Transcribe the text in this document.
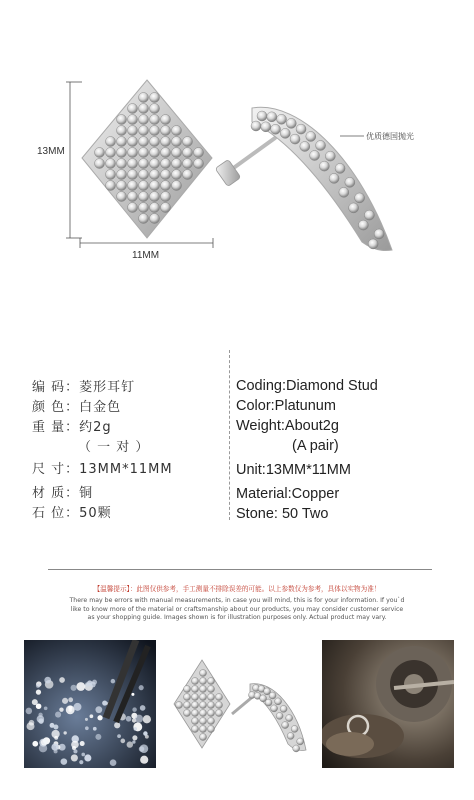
13MM
11MM
优质德国抛光
编 码：菱形耳钉
颜 色：白金色
重 量：约2g
（ 一 对 ）
尺 寸：13MM*11MM
材 质：铜
石 位：50颗
Coding:Diamond Stud
Color:Platunum
Weight:About2g
(A pair)
Unit:13MM*11MM
Material:Copper
Stone: 50 Two
【温馨提示】：此图仅供参考，手工测量不排除误差的可能。以上参数仅为参考，具体以实物为准！
There may be errors with manual measurements, in case you will mind, this is for your information. If you`d
like to know more of the material or craftsmanship about our products, you may consider customer service
as your shopping guide. Images shown is for illustration purposes only. Actual product may vary.
